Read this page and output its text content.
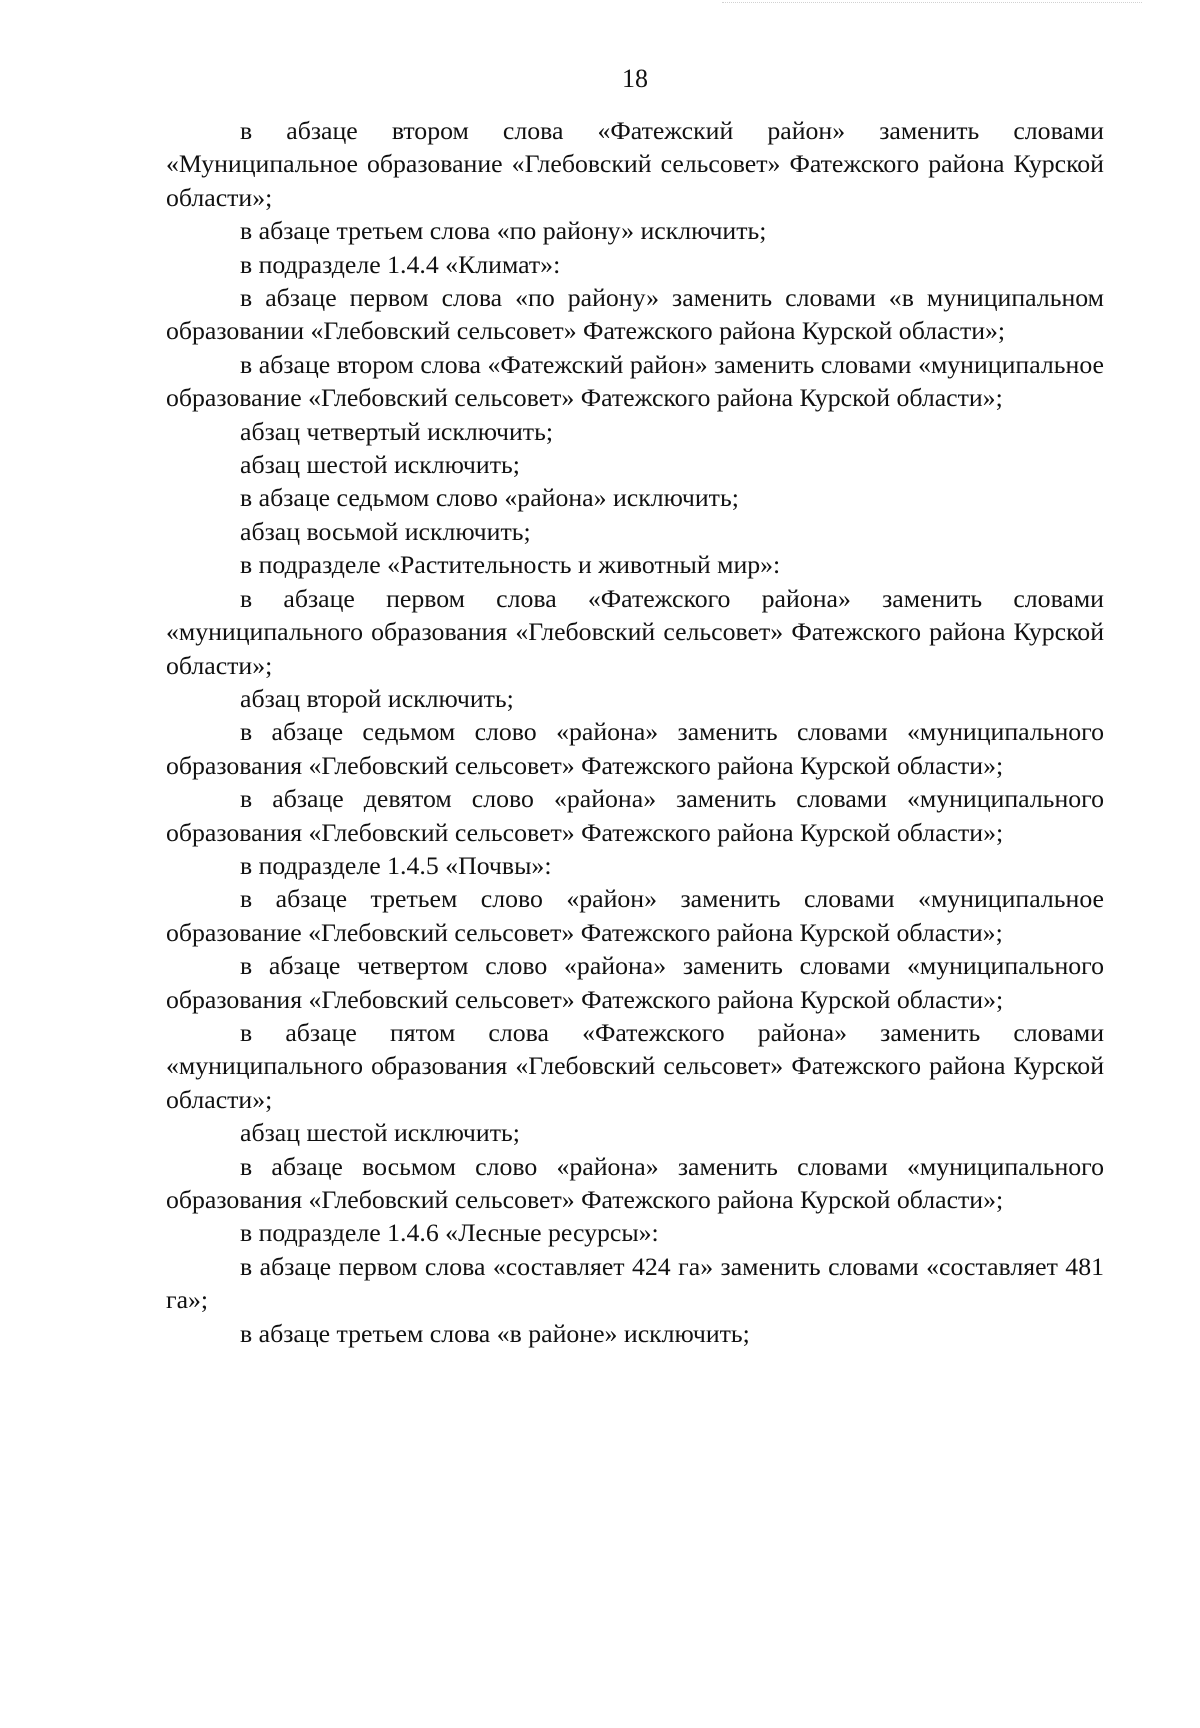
18

в абзаце втором слова «Фатежский район» заменить словами «Муниципальное образование «Глебовский сельсовет» Фатежского района Курской области»;

в абзаце третьем слова «по району» исключить;

в подразделе 1.4.4 «Климат»:

в абзаце первом слова «по району» заменить словами «в муниципальном образовании «Глебовский сельсовет» Фатежского района Курской области»;

в абзаце втором слова «Фатежский район» заменить словами «муниципальное образование «Глебовский сельсовет» Фатежского района Курской области»;

абзац четвертый исключить;

абзац шестой исключить;

в абзаце седьмом слово «района» исключить;

абзац восьмой исключить;

в подразделе «Растительность и животный мир»:

в абзаце первом слова «Фатежского района» заменить словами «муниципального образования «Глебовский сельсовет» Фатежского района Курской области»;

абзац второй исключить;

в абзаце седьмом слово «района» заменить словами «муниципального образования «Глебовский сельсовет» Фатежского района Курской области»;

в абзаце девятом слово «района» заменить словами «муниципального образования «Глебовский сельсовет» Фатежского района Курской области»;

в подразделе 1.4.5 «Почвы»:

в абзаце третьем слово «район» заменить словами «муниципальное образование «Глебовский сельсовет» Фатежского района Курской области»;

в абзаце четвертом слово «района» заменить словами «муниципального образования «Глебовский сельсовет» Фатежского района Курской области»;

в абзаце пятом слова «Фатежского района» заменить словами «муниципального образования «Глебовский сельсовет» Фатежского района Курской области»;

абзац шестой исключить;

в абзаце восьмом слово «района» заменить словами «муниципального образования «Глебовский сельсовет» Фатежского района Курской области»;

в подразделе 1.4.6 «Лесные ресурсы»:

в абзаце первом слова «составляет 424 га» заменить словами «составляет 481 га»;

в абзаце третьем слова «в районе» исключить;
